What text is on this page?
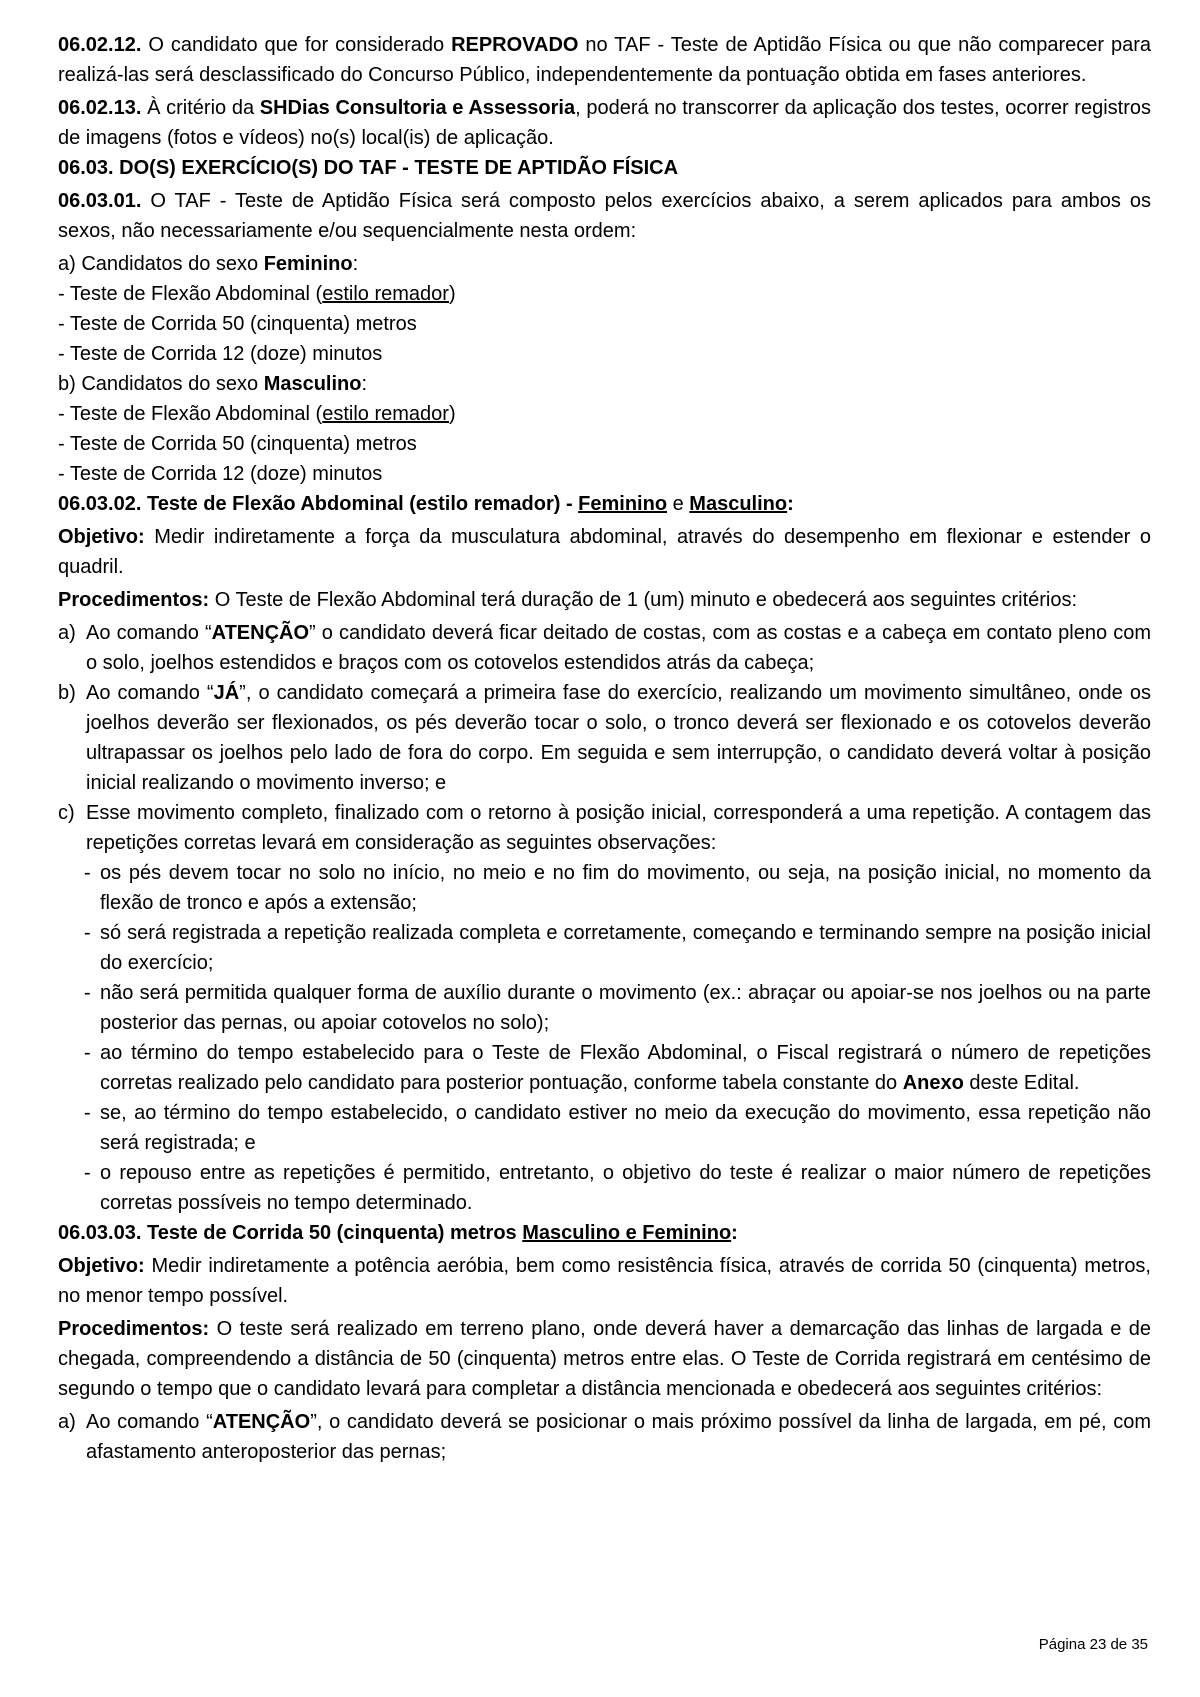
06.02.12. O candidato que for considerado REPROVADO no TAF - Teste de Aptidão Física ou que não comparecer para realizá-las será desclassificado do Concurso Público, independentemente da pontuação obtida em fases anteriores.

06.02.13. À critério da SHDias Consultoria e Assessoria, poderá no transcorrer da aplicação dos testes, ocorrer registros de imagens (fotos e vídeos) no(s) local(is) de aplicação.

06.03. DO(S) EXERCÍCIO(S) DO TAF - TESTE DE APTIDÃO FÍSICA

06.03.01. O TAF - Teste de Aptidão Física será composto pelos exercícios abaixo, a serem aplicados para ambos os sexos, não necessariamente e/ou sequencialmente nesta ordem:

a) Candidatos do sexo Feminino:

- Teste de Flexão Abdominal (estilo remador)

- Teste de Corrida 50 (cinquenta) metros

- Teste de Corrida 12 (doze) minutos

b) Candidatos do sexo Masculino:

- Teste de Flexão Abdominal (estilo remador)

- Teste de Corrida 50 (cinquenta) metros

- Teste de Corrida 12 (doze) minutos

06.03.02. Teste de Flexão Abdominal (estilo remador) - Feminino e Masculino:

Objetivo: Medir indiretamente a força da musculatura abdominal, através do desempenho em flexionar e estender o quadril.

Procedimentos: O Teste de Flexão Abdominal terá duração de 1 (um) minuto e obedecerá aos seguintes critérios:

a) Ao comando “ATENÇÃO” o candidato deverá ficar deitado de costas, com as costas e a cabeça em contato pleno com o solo, joelhos estendidos e braços com os cotovelos estendidos atrás da cabeça;
b) Ao comando “JÁ”, o candidato começará a primeira fase do exercício, realizando um movimento simultâneo, onde os joelhos deverão ser flexionados, os pés deverão tocar o solo, o tronco deverá ser flexionado e os cotovelos deverão ultrapassar os joelhos pelo lado de fora do corpo. Em seguida e sem interrupção, o candidato deverá voltar à posição inicial realizando o movimento inverso; e
c) Esse movimento completo, finalizado com o retorno à posição inicial, corresponderá a uma repetição. A contagem das repetições corretas levará em consideração as seguintes observações:
- os pés devem tocar no solo no início, no meio e no fim do movimento, ou seja, na posição inicial, no momento da flexão de tronco e após a extensão;
- só será registrada a repetição realizada completa e corretamente, começando e terminando sempre na posição inicial do exercício;
- não será permitida qualquer forma de auxílio durante o movimento (ex.: abraçar ou apoiar-se nos joelhos ou na parte posterior das pernas, ou apoiar cotovelos no solo);
- ao término do tempo estabelecido para o Teste de Flexão Abdominal, o Fiscal registrará o número de repetições corretas realizado pelo candidato para posterior pontuação, conforme tabela constante do Anexo deste Edital.
- se, ao término do tempo estabelecido, o candidato estiver no meio da execução do movimento, essa repetição não será registrada; e
- o repouso entre as repetições é permitido, entretanto, o objetivo do teste é realizar o maior número de repetições corretas possíveis no tempo determinado.

06.03.03. Teste de Corrida 50 (cinquenta) metros Masculino e Feminino:

Objetivo: Medir indiretamente a potência aeróbia, bem como resistência física, através de corrida 50 (cinquenta) metros, no menor tempo possível.

Procedimentos: O teste será realizado em terreno plano, onde deverá haver a demarcação das linhas de largada e de chegada, compreendendo a distância de 50 (cinquenta) metros entre elas. O Teste de Corrida registrará em centésimo de segundo o tempo que o candidato levará para completar a distância mencionada e obedecerá aos seguintes critérios:

a) Ao comando “ATENÇÃO”, o candidato deverá se posicionar o mais próximo possível da linha de largada, em pé, com afastamento anteroposterior das pernas;
Página 23 de 35
